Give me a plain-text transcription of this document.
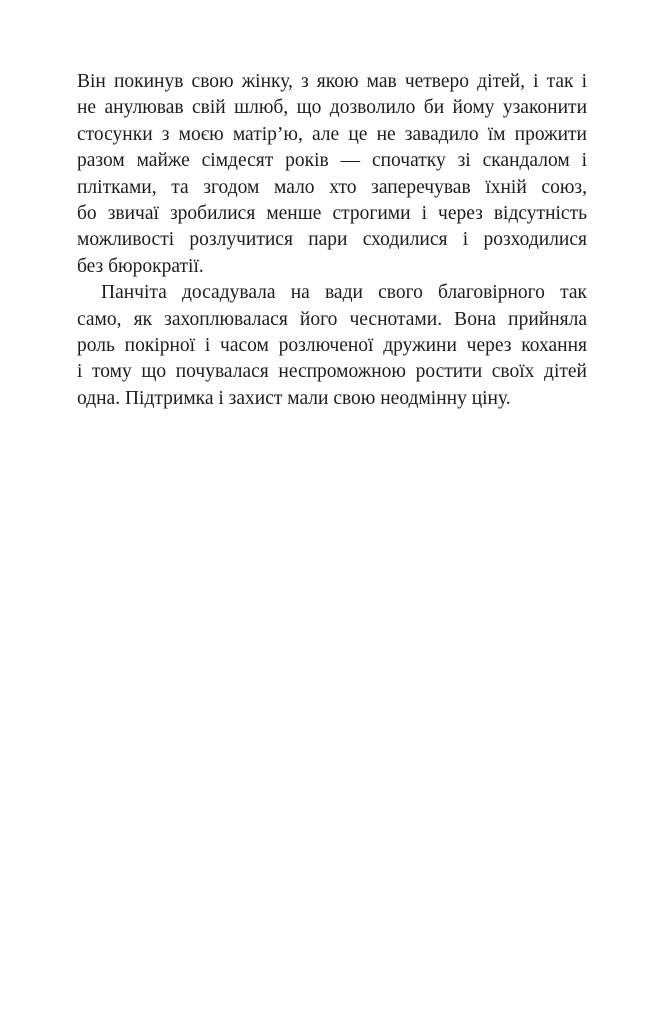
Він покинув свою жінку, з якою мав четверо дітей, і так і
не анулював свій шлюб, що дозволило би йому узаконити
стосунки з моєю матір’ю, але це не завадило їм прожити
разом майже сімдесят років — спочатку зі скандалом і
плітками, та згодом мало хто заперечував їхній союз,
бо звичаї зробилися менше строгими і через відсутність
можливості розлучитися пари сходилися і розходилися
без бюрократії.
Панчіта досадувала на вади свого благовірного так
само, як захоплювалася його чеснотами. Вона прийняла
роль покірної і часом розлюченої дружини через кохання
і тому що почувалася неспроможною ростити своїх дітей
одна. Підтримка і захист мали свою неодмінну ціну.
